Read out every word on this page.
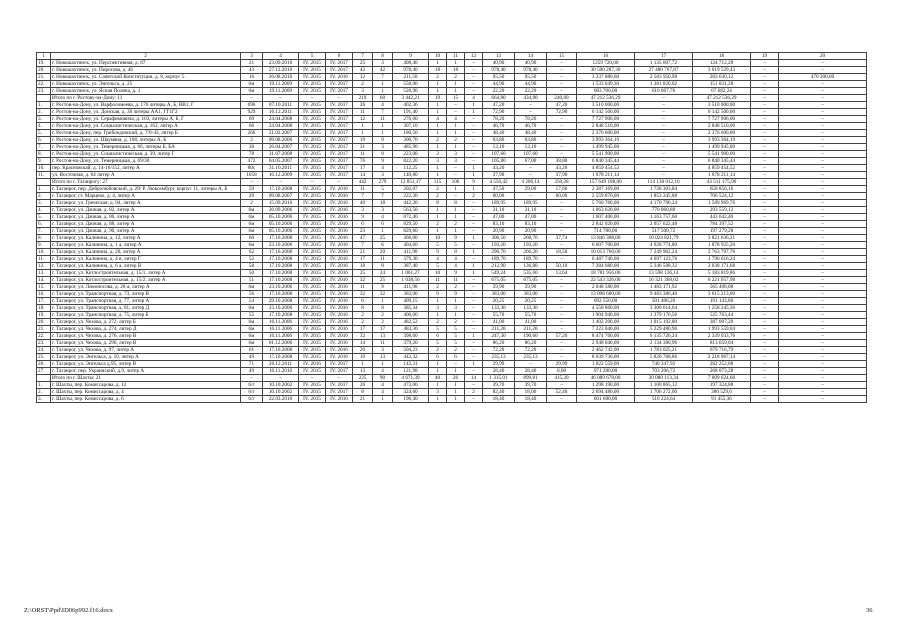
1	2	3	4	5	6	7	8	9	10	11	12	13	14	15	16	17	18	19	20
19.	г. Новошахтинск, ул. Перспективная, д. 87	21	23.09.2010	IV. 2015	IV. 2017	25	3	408,40	1	1	–	40,90	40,90	–	1259 720,00	1 135 007,72	124 712,28	–	–
20.	г. Новошахтинск, ул. Пирогова, д. 46	43	27.12.2010	IV. 2015	IV. 2017	42	42	978,40	18	18	–	978,40	978,40	–	30 500 287,30	27 480 767,87	3 019 529,43	–	–
21.	г. Новошахтинск, ул. Советской Конституции, д. 8, корпус 5	16	26.08.2010	IV. 2015	IV. 2016	12	7	211,50	2	2	–	95,50	95,50	–	3 337 880,60	2 583 950,98	283 630,12	–	470 300,00
22.	г. Новошахтинск, ул. Энгельса, д. 25	6м	19.11.2009	IV. 2015	IV. 2017	2	1	558,00	1	1	–	44,90	44,90	–	1 533 649,30	1 381 820,02	151 831,28	–	–
23.	г. Новошахтинск, ул. Ясная Поляна, д. 1	6м	19.11.2009	IV. 2015	IV. 2017	3	1	528,90	1	1	–	22,20	22,20	–	683 700,00	616 067,76	67 682,24	–	–
	Итого по г. Ростову-на-Дону: 11	–	–	–	–	219	60	3 442,21	19	15	4	664,80	434,80	240,00	47 212 536,29	–	47 212 536,29	–	–
1.	г. Ростов-на-Дону, ул. Варфоломеева, д. 176 литеры А, Б, ВВ1, Г	696	07.10.2011	IV. 2015	IV. 2017	26	4	402,36	1	–	1	47,20	–	47,20	3 510 000,00	–	3 510 000,00	–	–
2.	г. Ростов-на-Дону, ул. Донская, д. 36 литеры АА1, ГГ1Г2	929	16.12.2011	IV. 2015	IV. 2017	11	7	191,40	1	–	1	72,90	–	72,90	6 142 500,00	–	6 142 500,00	–	–
3.	г. Ростов-на-Дону, ул. Серафимовича, д. 103, литеры А, Б, Г	69	24.04.2008	IV. 2015	IV. 2017	12	11	276,00	4	4	–	78,20	78,20	–	7 727 906,00	–	7 727 906,00	–	–
4.	г. Ростов-на-Дону, ул. Социалистическая, д. 162, литер А	66	24.04.2008	IV. 2015	IV. 2017	1	1	307,10	1	1	–	46,70	46,70	–	2 848 510,00	–	2 848 510,00	–	–
5.	г. Ростов-на-Дону, пер. Грибоедовский, д. 7/0-43, литер Б	266	21.02.2007	IV. 2015	IV. 2017	1	1	180,50	1	1	–	48,40	48,40	–	2 376 600,00	–	2 376 600,00	–	–
6.	г. Ростов-на-Дону, ул. Шаумяна, д. 108, литеры А, Б	2	09.08.2006	IV. 2015	IV. 2017	19	9	300,70	2	2	–	63,80	63,80	–	3 993 364,19	–	3 993 364,19	–	–
7.	г. Ростов-на-Дону, ул. Темерницкая, д. 66, литеры Б, БА	38	26.04.2007	IV. 2015	IV. 2017	31	3	485,90	1	1	–	13,10	13,10	–	1 499 945,00	–	1 499 945,00	–	–
8.	г. Ростов-на-Дону, ул. Социалистическая, д. 39, литер Г	78	31.07.2008	IV. 2015	IV. 2017	11	8	223,00	3	3	–	107,60	107,60	–	5 541 900,00	–	5 541 900,00	–	–
9.	г. Ростов-на-Дону, ул. Темерницкая, д. 69/30	472	04.05.2007	IV. 2015	IV. 2017	76	9	822,20	3	3	–	105,80	67,00	38,80	6 840 345,44	–	6 840 345,44	–	–
10.	пер. Краснояскай, д. 14-16/152, литер А	80с	31.10.2011	IV. 2015	IV. 2017	17	4	112,25	1	–	1	43,20	–	43,20	4 859 454,52	–	4 859 454,52	–	–
11.	ул. Восточная, д. 64 литер А	1058	16.12.2009	IV. 2015	IV. 2017	14	3	140,80	1	–	1	37,90	–	37,90	1 878 211,14	–	1 878 211,14	–	–
	Итого по г. Таганрогу: 27	–	–	–	–	442	279	12 851,17	115	106	9	4 556,42	4 206,14	350,28	157 649 188,00	114 138 012,10	43 511 175,90	–	–
1.	г. Таганрог, пер. Добролюбовский, д. 29/ Р. Люксембург, корпус 11, литеры А, Б	59	17.10.2008	IV. 2015	IV. 2016	11	5	202,07	2	1	1	47,50	29,00	17,60	2 387 169,00	1 728 303,84	658 856,16	–	–
2.	г. Таганрог, ст. Марцево, д. 4, литер А	29	09.08.2007	IV. 2015	IV. 2016	7	7	222,30	2	–	2	60,00	–	60,00	2 559 870,00	1 853 345,88	706 524,12	–	–
3.	г. Таганрог, ул. Греческая, д. 94, литер А	2	15.09.2010	IV. 2015	IV. 2016	40	18	442,30	8	8	–	189,95	189,95	–	5 760 760,00	4 170 790,24	1 589 969,76	–	–
4.	г. Таганрог, ул. Дачная, д. 82, литер А	6м	26.09.2006	IV. 2015	IV. 2016	3	3	563,50	1	1	–	31,10	31,10	–	1 063 620,00	770 060,88	293 559,12	–	–
5.	г. Таганрог, ул. Дачная, д. 86, литер А	6м	05.10.2006	IV. 2015	IV. 2016	9	4	872,40	1	1	–	47,00	47,00	–	1 607 400,00	1 163 757,60	443 642,40	–	–
6.	г. Таганрог, ул. Дачная, д. 88, литер А	6м	05.10.2006	IV. 2015	IV. 2016	6	6	829,50	2	2	–	83,10	83,10	–	2 842 020,00	2 057 622,48	784 397,52	–	–
7.	г. Таганрог, ул. Дачная, д. 90, литер А	6м	05.10.2006	IV. 2015	IV. 2016	23	1	829,60	1	1	–	20,90	20,90	–	714 780,00	517 500,72	197 279,28	–	–
8.	г. Таганрог, ул. Калинина, д. 12, литер А	60	17.10.2008	IV. 2015	IV. 2016	47	25	366,00	10	9	1	306,50	268,76	37,74	13 846 308,00	10 024 821,79	3 821 636,21	–	–
9.	г. Таганрог, ул. Калинина, д. 1 а, литер А	6м	23.10.2006	IV. 2015	IV. 2016	7	6	404,60	5	5	–	193,20	193,20	–	6 607 700,00	4 928 774,80	1 878 925,20	–	–
10.	г. Таганрог, ул. Калинина, д. 20, литер А	62	17.10.2008	IV. 2015	IV. 2016	21	20	411,90	9	8	1	296,70	266,20	18,50	10 013 760,00	7 249 962,24	2 763 797,76	–	–
11.	г. Таганрог, ул. Калинина, д. 4 в, литер Г	52	17.10.2008	IV. 2015	IV. 2016	17	11	379,30	4	4	–	189,70	189,70	–	6 487 740,00	4 697 123,76	1 790 616,24	–	–
12.	г. Таганрог, ул. Калинина, д. 6 а, литер В	58	17.10.2008	IV. 2015	IV. 2016	18	8	387,40	5	4	1	212,90	136,80	50,10	7 384 680,00	5 346 508,32	2 038 171,68	–	–
13.	г. Таганрог, ул. Котлостроительная, д. 15/1, литер А	50	17.10.2008	IV. 2015	IV. 2016	25	24	1 061,27	10	9	1	549,24	535,60	13,64	18 781 956,00	13 598 136,14	5 183 819,86	–	–
14.	г. Таганрог, ул. Котлостроительная, д. 15/2, литер А	51	17.10.2008	IV. 2015	IV. 2016	32	25	1 038,56	11	11	–	675,05	675,05	–	22 543 326,00	16 321 368,02	6 221 957,98	–	–
15.	г. Таганрог, ул. Ломоносова, д. 26-а, литер А	6м	23.10.2006	IV. 2015	IV. 2016	11	9	411,90	2	2	–	59,90	59,90	–	2 048 580,00	1 483 171,92	565 408,08	–	–
16.	г. Таганрог, ул. Транспортная, д. 73, литер В	56	17.10.2008	IV. 2015	IV. 2016	32	32	383,00	9	9	–	383,00	383,00	–	13 098 600,00	9 483 386,40	3 615 213,60	–	–
17.	г. Таганрог, ул. Транспортная, д. 77, литер А	54	29.10.2008	IV. 2015	IV. 2016	6	1	409,15	1	1	–	20,25	20,25	–	692 550,00	501 406,20	191 143,80	–	–
18.	г. Таганрог, ул. Транспортная, д. 81, литер Д	6м	23.10.2006	IV. 2015	IV. 2016	8	8	385,34	3	3	–	133,30	133,30	–	4 558 860,00	3 300 614,64	1 258 245,36	–	–
19.	г. Таганрог, ул. Транспортная, д. 75, литер Б	55	17.10.2008	IV. 2015	IV. 2016	2	2	400,00	1	1	–	55,70	55,70	–	1 904 940,00	1 379 176,56	525 763,44	–	–
20.	г. Таганрог, ул. Чехова, д. 272, литер Б	6м	16.11.2006	IV. 2015	IV. 2016	2	2	482,52	2	2	–	41,00	41,00	–	1 402 200,00	1 015 192,80	387 007,20	–	–
21.	г. Таганрог, ул. Чехова, д. 274, литер Д	6м	16.11.2006	IV. 2015	IV. 2016	17	17	483,30	5	5	–	211,20	211,20	–	7 223 040,00	5 229 480,96	1 993 559,04	–	–
22.	г. Таганрог, ул. Чехова, д. 276, литер В	6м	16.11.2006	IV. 2015	IV. 2016	32	13	398,60	6	5	1	247,30	190,60	57,20	8 474 760,00	6 135 726,24	2 339 033,76	–	–
23.	г. Таганрог, ул. Чехова, д. 290, литер В	6м	01.12.2006	IV. 2015	IV. 2016	14	11	379,20	5	5	–	86,20	86,20	–	2 948 040,00	2 134 380,96	813 659,04	–	–
24.	г. Таганрог, ул. Чехова, д. 97, литер А	61	17.10.2008	IV. 2015	IV. 2016	20	3	504,23	2	2	–	72,20	72,20	–	2 462 742,00	1 783 025,21	679 716,79	–	–
25.	г. Таганрог, ул. Энгельса, д. 10, литер А	49	17.10.2008	IV. 2015	IV. 2016	19	13	442,32	6	6	–	235,13	235,13	–	8 039 736,00	5 820 768,86	2 218 967,14	–	–
26.	г. Таганрог, ул. Энгельса д.95, литер В	71	26.12.2011	IV. 2016	IV. 2017	1	1	142,31	1	–	1	29,99	–	29,99	1 022 559,00	740 347,92	282 252,08	–	–
27.	г. Таганрог, пер. Украинский, д.9, литер А	49	16.11.2010	IV. 2015	IV. 2017	13	4	121,98	1	1	–	28,40	28,40	0,00	971 280,00	703 206,72	268 073,28	–	–
	Итого по г. Шахты: 21	–	–	–	–	225	90	4 671,39	40	26	14	1 315,01	899,81	415,20	46 089 678,00	30 080 113,34	7 009 624,66	–	–
1.	г. Шахты, пер. Комиссарова, д. 12	6/г	10.10.2002	IV. 2015	IV. 2017	26	4	473,00	1	1	–	39,70	39,70	–	1 298 190,00	1 100 865,12	197 324,88	–	–
2.	г. Шахты, пер. Комиссарова, д. 4	6/г	10.10.2002	IV. 2015	IV. 2017	8	4	324,60	3	1	2	82,40	18,00	52,40	2 694 480,00	1 706 272,00	380 529,6	–	–
3.	г. Шахты, пер. Комиссарова, д. 6	6/г	22.03.2010	IV. 2015	IV. 2016	21	1	196,40	1	1	–	18,40	18,40	–	601 680,00	510 224,64	91 455,36	–	–
Z:\ORST\Ppd\ID06p992.f16.docx	36
